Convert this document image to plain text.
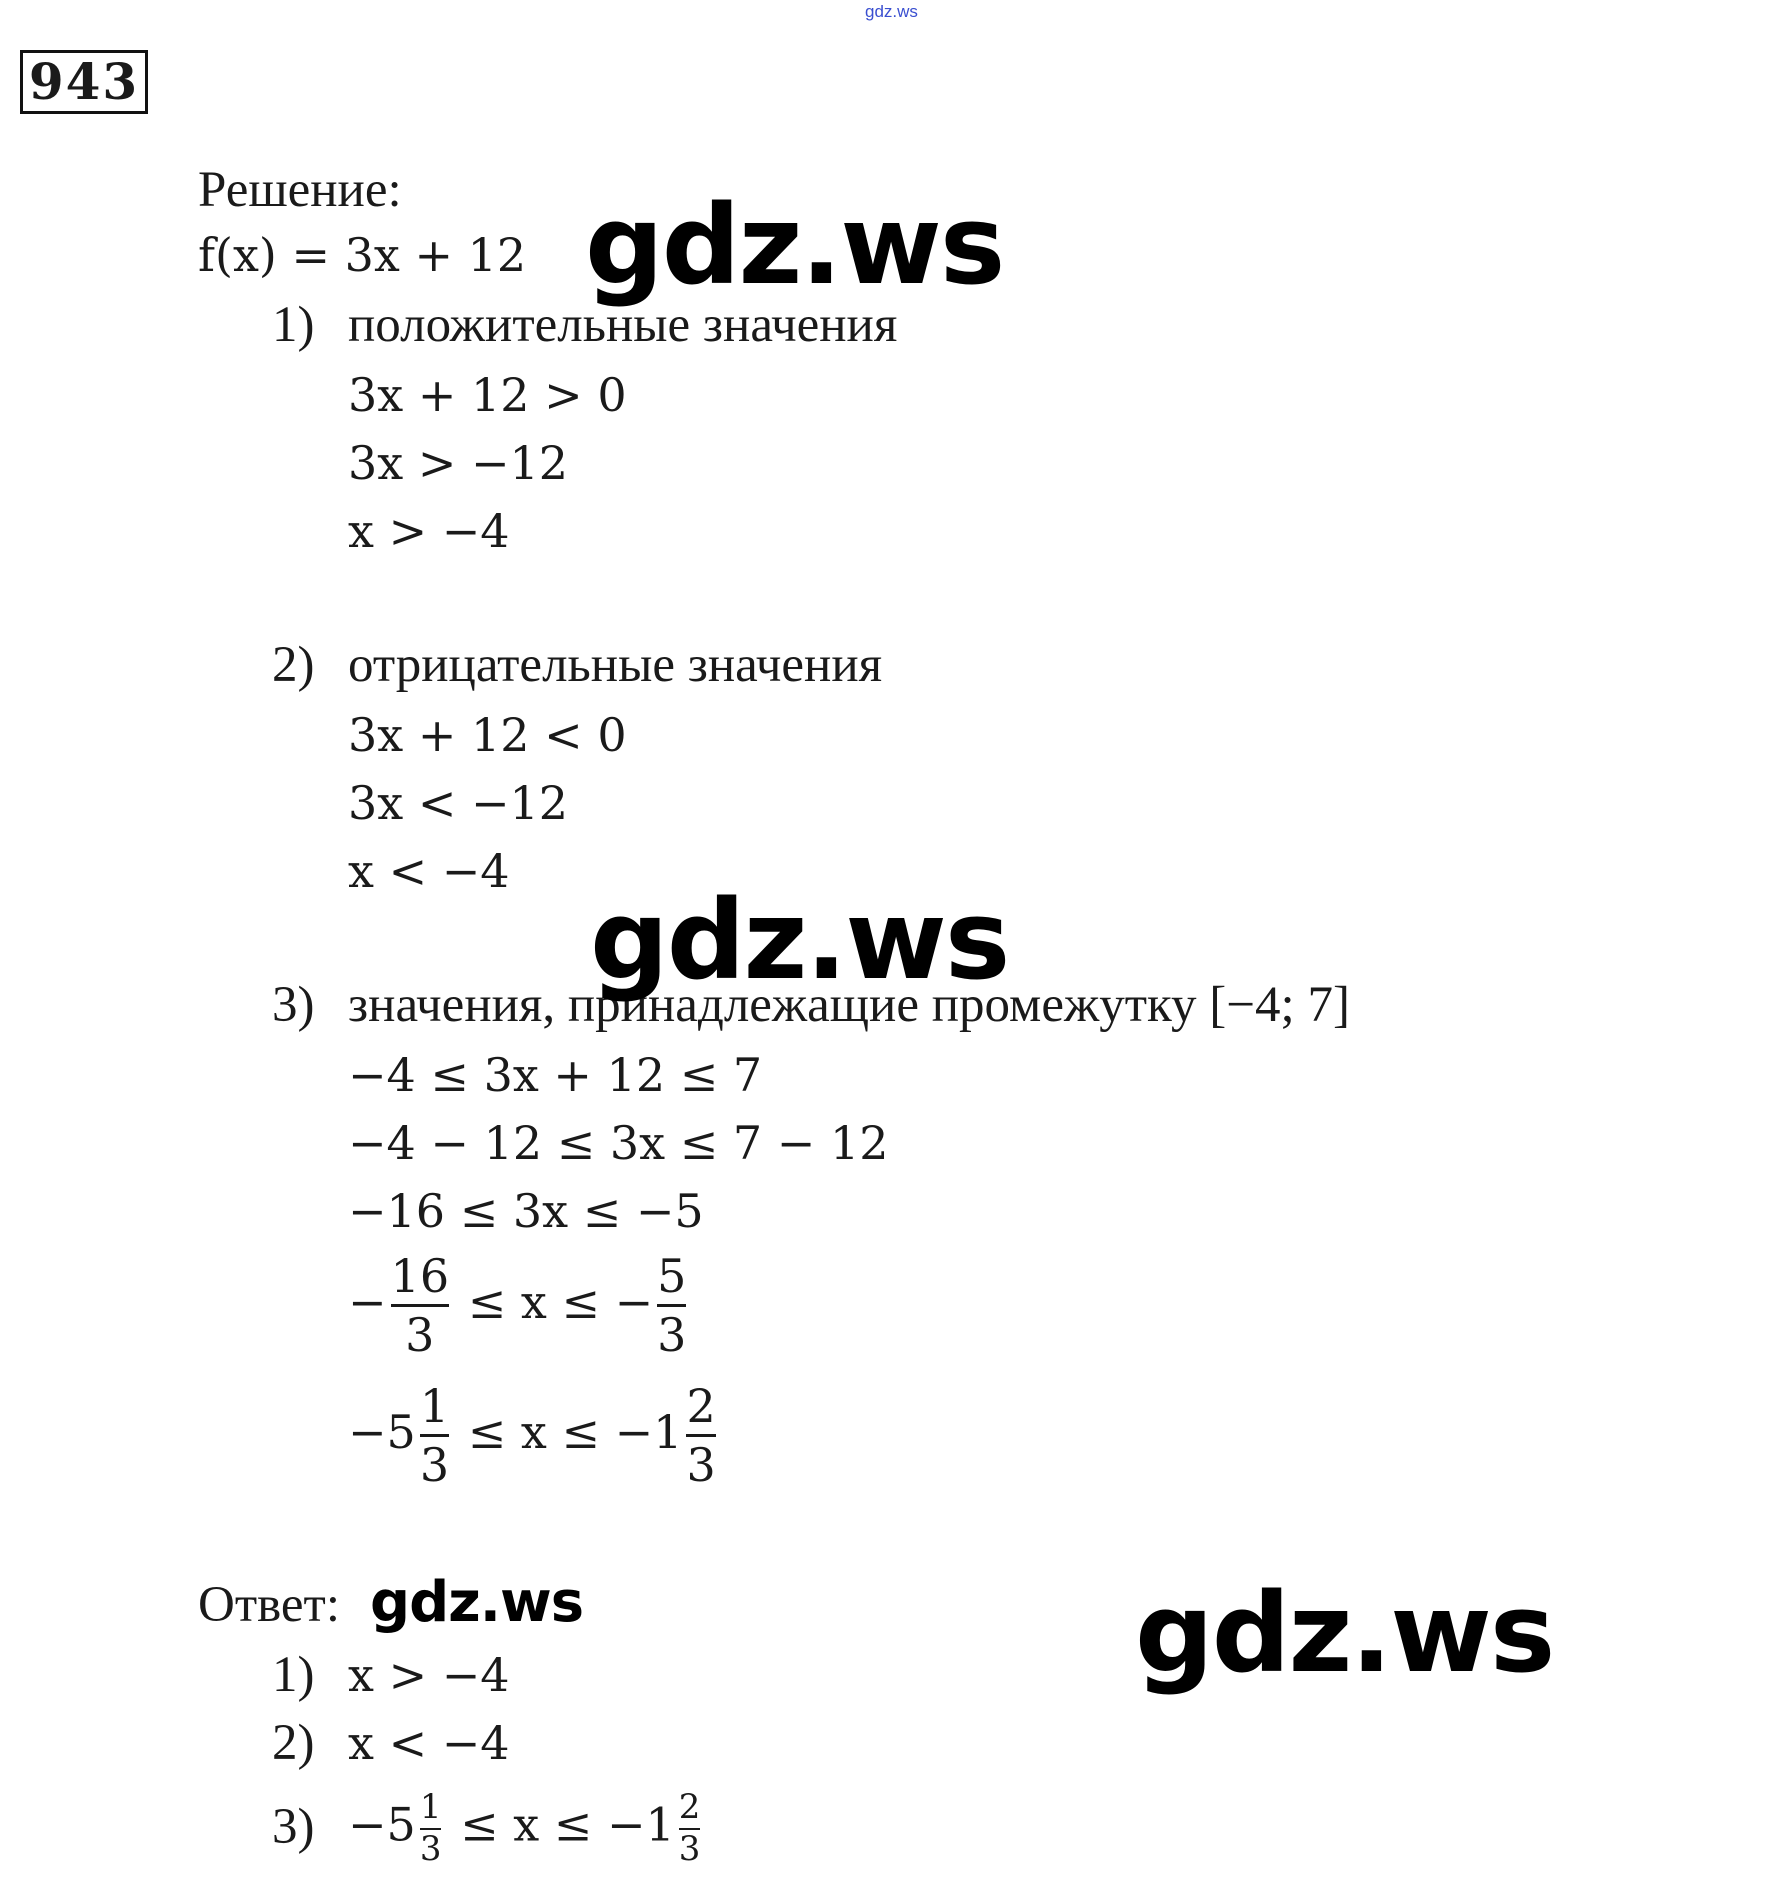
gdz.ws
943
Решение:
f(x) = 3x + 12
1) положительные значения
3x + 12 > 0
3x > −12
x > −4
2) отрицательные значения
3x + 12 < 0
3x < −12
x < −4
3) значения, принадлежащие промежутку [−4; 7]
−4 ≤ 3x + 12 ≤ 7
−4 − 12 ≤ 3x ≤ 7 − 12
−16 ≤ 3x ≤ −5
− $\frac{16}{3} \le x$ ≤ − $\frac{5}{3}$
$-5 \frac{1}{3} \le x \le -1 \frac{2}{3}$
Ответ:
1) x > −4
2) x < −4
$3) -5 \frac{1}{3} \le x \le -1 \frac{2}{3}$
gdz.ws
gdz.ws
gdz.ws	gdz.ws
